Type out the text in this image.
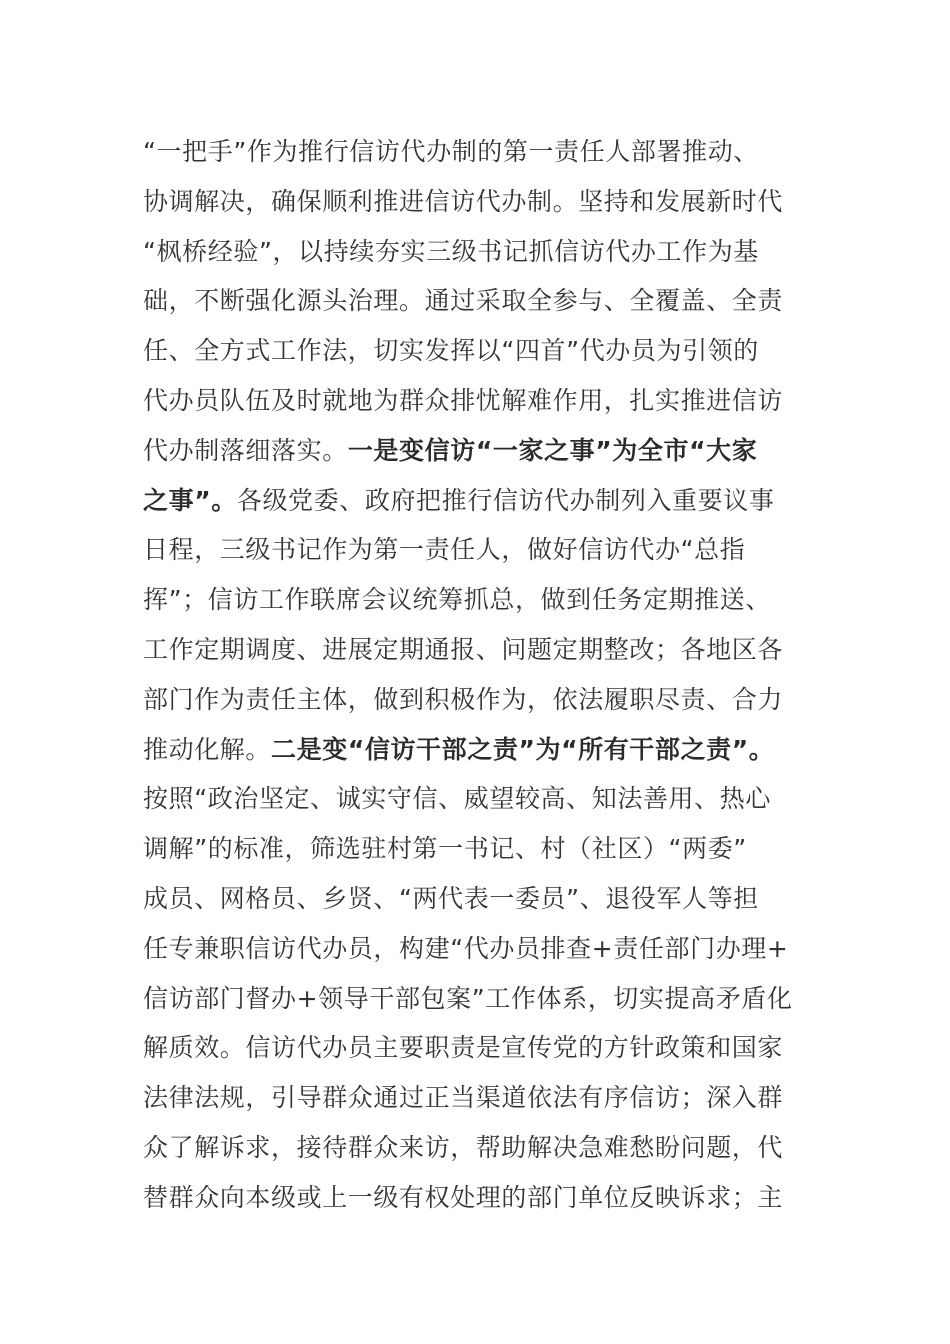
“一把手”作为推行信访代办制的第一责任人部署推动、
协调解决，确保顺利推进信访代办制。坚持和发展新时代
“枫桥经验”，以持续夯实三级书记抓信访代办工作为基
础，不断强化源头治理。通过采取全参与、全覆盖、全责
任、全方式工作法，切实发挥以“四首”代办员为引领的
代办员队伍及时就地为群众排忧解难作用，扎实推进信访
代办制落细落实。一是变信访“一家之事”为全市“大家
之事”。各级党委、政府把推行信访代办制列入重要议事
日程，三级书记作为第一责任人，做好信访代办“总指
挥”；信访工作联席会议统筹抓总，做到任务定期推送、
工作定期调度、进展定期通报、问题定期整改；各地区各
部门作为责任主体，做到积极作为，依法履职尽责、合力
推动化解。二是变“信访干部之责”为“所有干部之责”。
按照“政治坚定、诚实守信、威望较高、知法善用、热心
调解”的标准，筛选驻村第一书记、村（社区）“两委”
成员、网格员、乡贤、“两代表一委员”、退役军人等担
任专兼职信访代办员，构建“代办员排查+责任部门办理+
信访部门督办+领导干部包案”工作体系，切实提高矛盾化
解质效。信访代办员主要职责是宣传党的方针政策和国家
法律法规，引导群众通过正当渠道依法有序信访；深入群
众了解诉求，接待群众来访，帮助解决急难愁盼问题，代
替群众向本级或上一级有权处理的部门单位反映诉求；主
